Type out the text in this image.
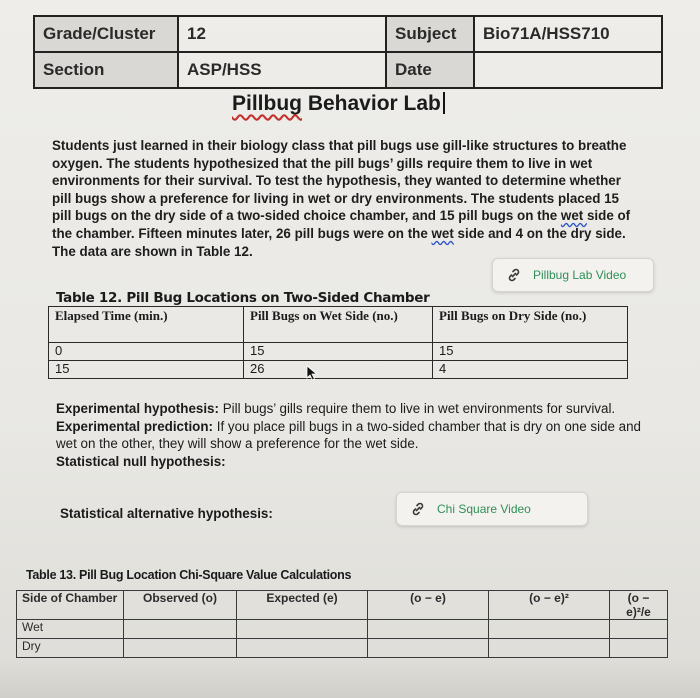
Grade/Cluster	12	Subject	Bio71A/HSS710
Section	ASP/HSS	Date	
Pillbug Behavior Lab

Students just learned in their biology class that pill bugs use gill-like structures to breathe oxygen. The students hypothesized that the pill bugs’ gills require them to live in wet environments for their survival. To test the hypothesis, they wanted to determine whether pill bugs show a preference for living in wet or dry environments. The students placed 15 pill bugs on the dry side of a two-sided choice chamber, and 15 pill bugs on the wet side of the chamber. Fifteen minutes later, 26 pill bugs were on the wet side and 4 on the dry side. The data are shown in Table 12.

Pillbug Lab Video
Table 12. Pill Bug Locations on Two-Sided Chamber
Elapsed Time (min.)	Pill Bugs on Wet Side (no.)	Pill Bugs on Dry Side (no.)
0	15	15
15	26	4

Experimental hypothesis: Pill bugs’ gills require them to live in wet environments for survival.
Experimental prediction: If you place pill bugs in a two-sided chamber that is dry on one side and wet on the other, they will show a preference for the wet side.
Statistical null hypothesis:

Statistical alternative hypothesis:	Chi Square Video
Table 13. Pill Bug Location Chi-Square Value Calculations
Side of Chamber	Observed (o)	Expected (e)	(o − e)	(o − e)²	(o − e)²/e
Wet					
Dry					
